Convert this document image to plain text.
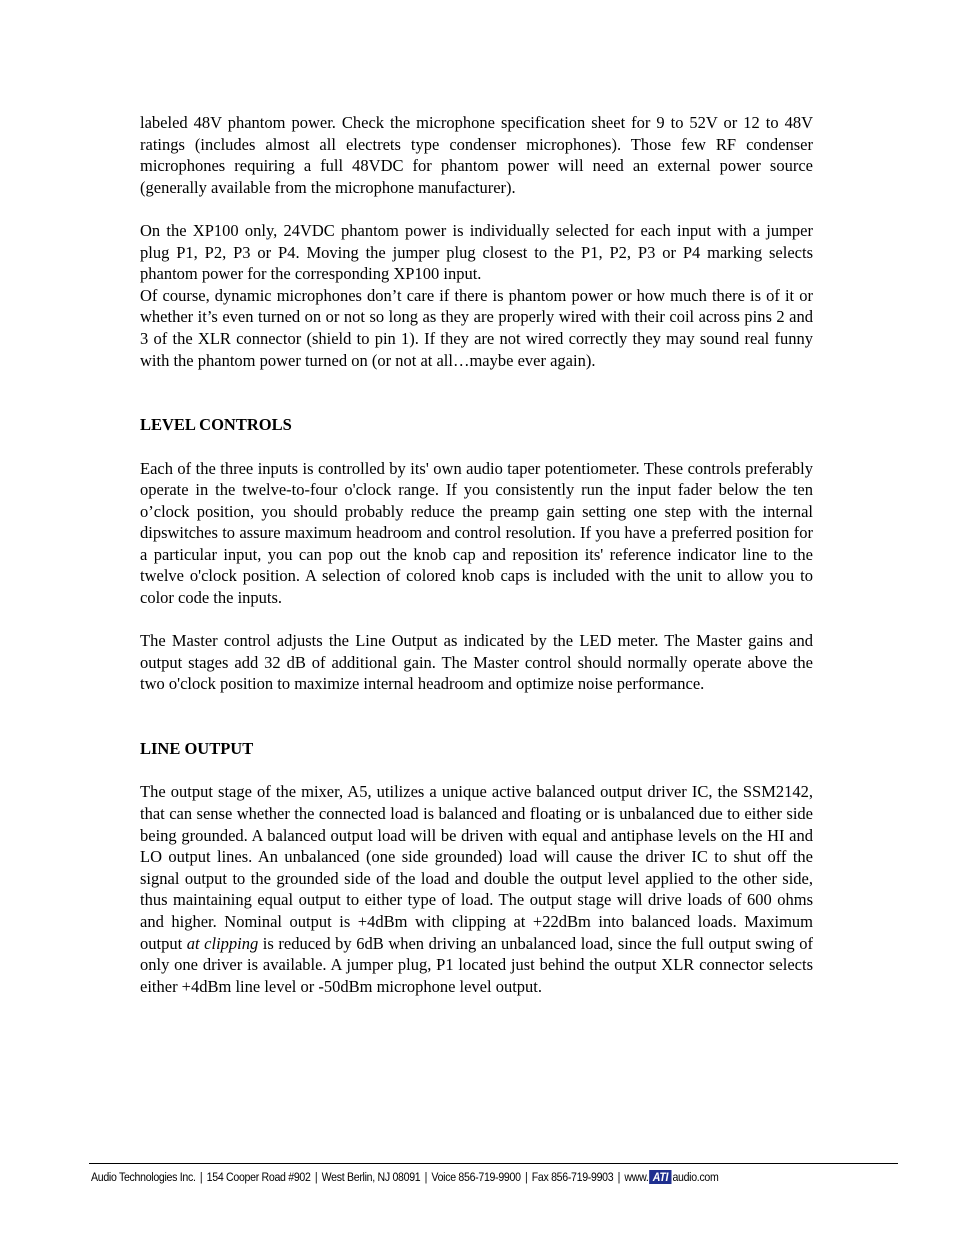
labeled 48V phantom power. Check the microphone specification sheet for 9 to 52V or 12 to 48V ratings (includes almost all electrets type condenser microphones). Those few RF condenser microphones requiring a full 48VDC for phantom power will need an external power source (generally available from the microphone manufacturer).

On the XP100 only, 24VDC phantom power is individually selected for each input with a jumper plug P1, P2, P3 or P4. Moving the jumper plug closest to the P1, P2, P3 or P4 marking selects phantom power for the corresponding XP100 input.

Of course, dynamic microphones don’t care if there is phantom power or how much there is of it or whether it’s even turned on or not so long as they are properly wired with their coil across pins 2 and 3 of the XLR connector (shield to pin 1). If they are not wired correctly they may sound real funny with the phantom power turned on (or not at all…maybe ever again).

LEVEL CONTROLS

Each of the three inputs is controlled by its' own audio taper potentiometer. These controls preferably operate in the twelve-to-four o'clock range. If you consistently run the input fader below the ten o’clock position, you should probably reduce the preamp gain setting one step with the internal dipswitches to assure maximum headroom and control resolution. If you have a preferred position for a particular input, you can pop out the knob cap and reposition its' reference indicator line to the twelve o'clock position. A selection of colored knob caps is included with the unit to allow you to color code the inputs.

The Master control adjusts the Line Output as indicated by the LED meter. The Master gains and output stages add 32 dB of additional gain. The Master control should normally operate above the two o'clock position to maximize internal headroom and optimize noise performance.

LINE OUTPUT

The output stage of the mixer, A5, utilizes a unique active balanced output driver IC, the SSM2142, that can sense whether the connected load is balanced and floating or is unbalanced due to either side being grounded. A balanced output load will be driven with equal and antiphase levels on the HI and LO output lines. An unbalanced (one side grounded) load will cause the driver IC to shut off the signal output to the grounded side of the load and double the output level applied to the other side, thus maintaining equal output to either type of load. The output stage will drive loads of 600 ohms and higher. Nominal output is +4dBm with clipping at +22dBm into balanced loads. Maximum output at clipping is reduced by 6dB when driving an unbalanced load, since the full output swing of only one driver is available. A jumper plug, P1 located just behind the output XLR connector selects either +4dBm line level or -50dBm microphone level output.

Audio Technologies Inc. | 154 Cooper Road #902 | West Berlin, NJ 08091 | Voice 856-719-9900 | Fax 856-719-9903 | www. ATI audio.com
